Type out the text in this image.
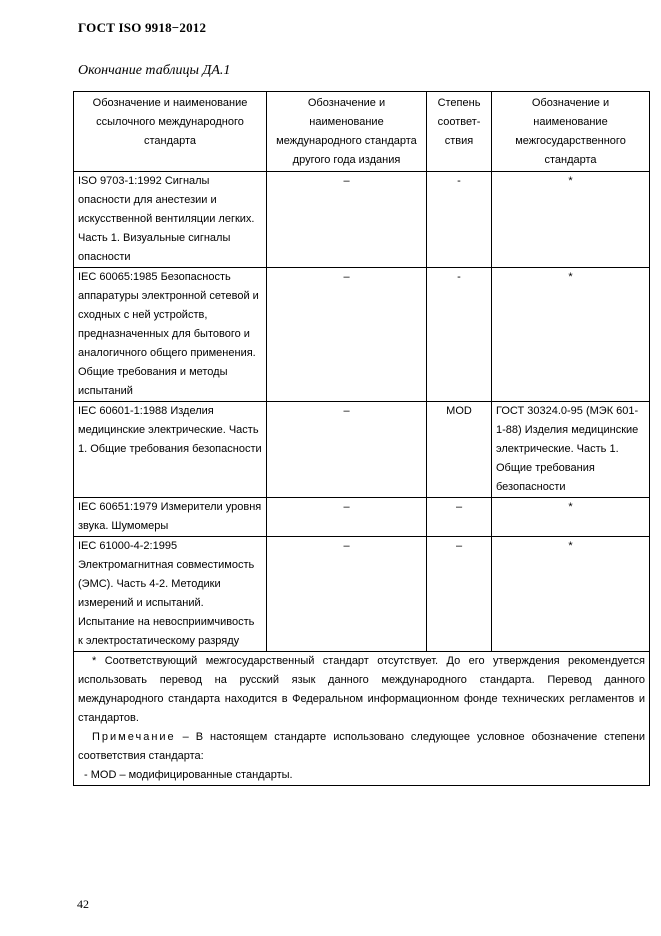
ГОСТ ISO 9918−2012
Окончание таблицы ДА.1
Обозначение и наименование ссылочного международного стандарта	Обозначение и наименование международного стандарта другого года издания	Степень соответ- ствия	Обозначение и наименование межгосударственного стандарта
ISO 9703-1:1992 Сигналы опасности для анестезии и искусственной вентиляции легких. Часть 1. Визуальные сигналы опасности	–	-	*
IEC 60065:1985 Безопасность аппаратуры электронной сетевой и сходных с ней устройств, предназначенных для бытового и аналогичного общего применения. Общие требования и методы испытаний	–	-	*
IEC 60601-1:1988 Изделия медицинские электрические. Часть 1. Общие требования безопасности	–	MOD	ГОСТ 30324.0-95 (МЭК 601-1-88) Изделия медицинские электрические. Часть 1. Общие требования безопасности
IEC 60651:1979 Измерители уровня звука. Шумомеры	–	–	*
IEC 61000-4-2:1995 Электромагнитная совместимость (ЭМС). Часть 4-2. Методики измерений и испытаний. Испытание на невосприимчивость к электростатическому разряду	–	–	*

* Соответствующий межгосударственный стандарт отсутствует. До его утверждения рекомендуется использовать перевод на русский язык данного международного стандарта. Перевод данного международного стандарта находится в Федеральном информационном фонде технических регламентов и стандартов.

Примечание – В настоящем стандарте использовано следующее условное обозначение степени соответствия стандарта:

- MOD – модифицированные стандарты.			

42
